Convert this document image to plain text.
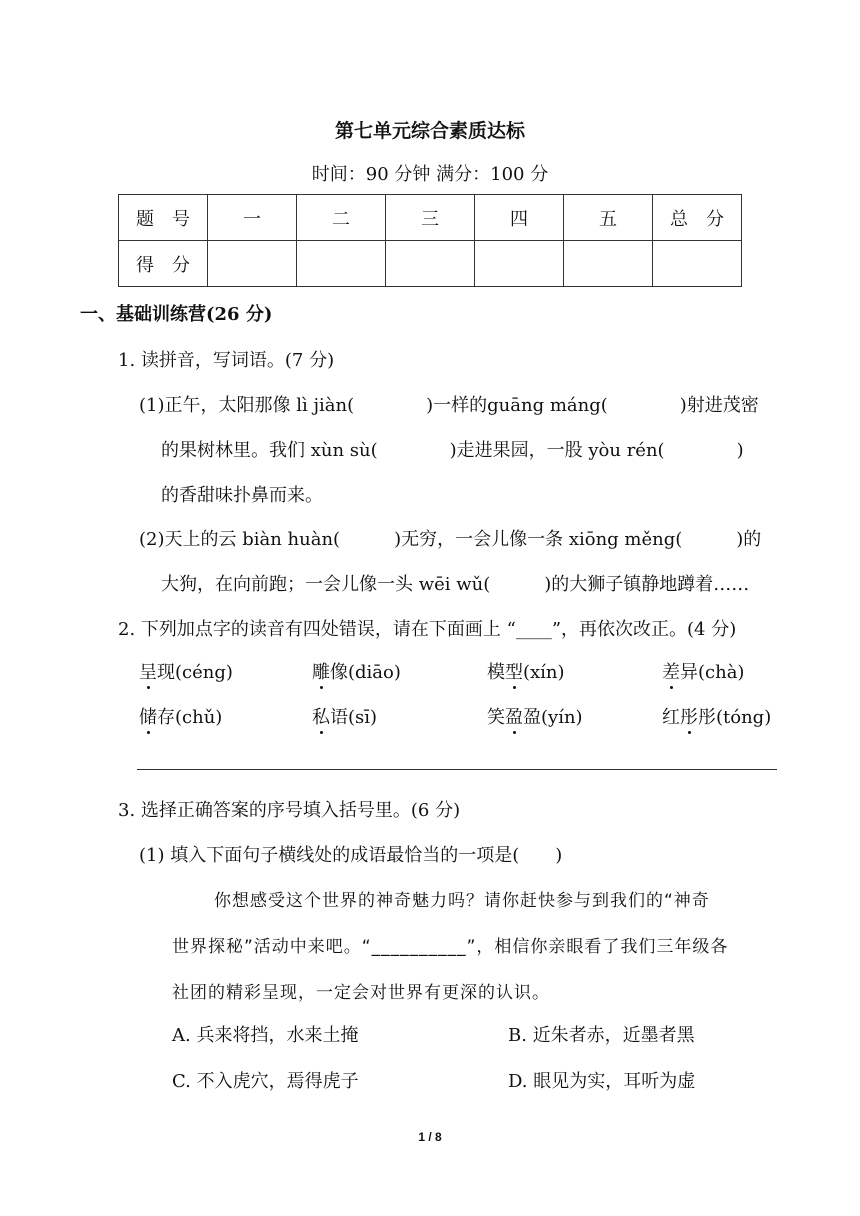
第七单元综合素质达标
时间：90 分钟 满分：100 分
题　号	一	二	三	四	五	总　分
得　分						
一、基础训练营(26 分)
1. 读拼音，写词语。(7 分)
(1)正午，太阳那像 lì jiàn(　　　　)一样的guāng máng(　　　　)射进茂密
的果树林里。我们 xùn sù(　　　　)走进果园，一股 yòu rén(　　　　)
的香甜味扑鼻而来。
(2)天上的云 biàn huàn(　　　)无穷，一会儿像一条 xiōng měng(　　　)的
大狗，在向前跑；一会儿像一头 wēi wǔ(　　　)的大狮子镇静地蹲着……
2. 下列加点字的读音有四处错误，请在下面画上 “____”，再依次改正。(4 分)
呈现(céng)	雕像(diāo)	模型(xín)	差异(chà)
储存(chǔ)	私语(sī)	笑盈盈(yín)	红彤彤(tóng)
3. 选择正确答案的序号填入括号里。(6 分)
(1) 填入下面句子横线处的成语最恰当的一项是(　　)
你想感受这个世界的神奇魅力吗？请你赶快参与到我们的“神奇
世界探秘”活动中来吧。“__________”，相信你亲眼看了我们三年级各
社团的精彩呈现，一定会对世界有更深的认识。
A. 兵来将挡，水来土掩	B. 近朱者赤，近墨者黑
C. 不入虎穴，焉得虎子	D. 眼见为实，耳听为虚
1 / 8
